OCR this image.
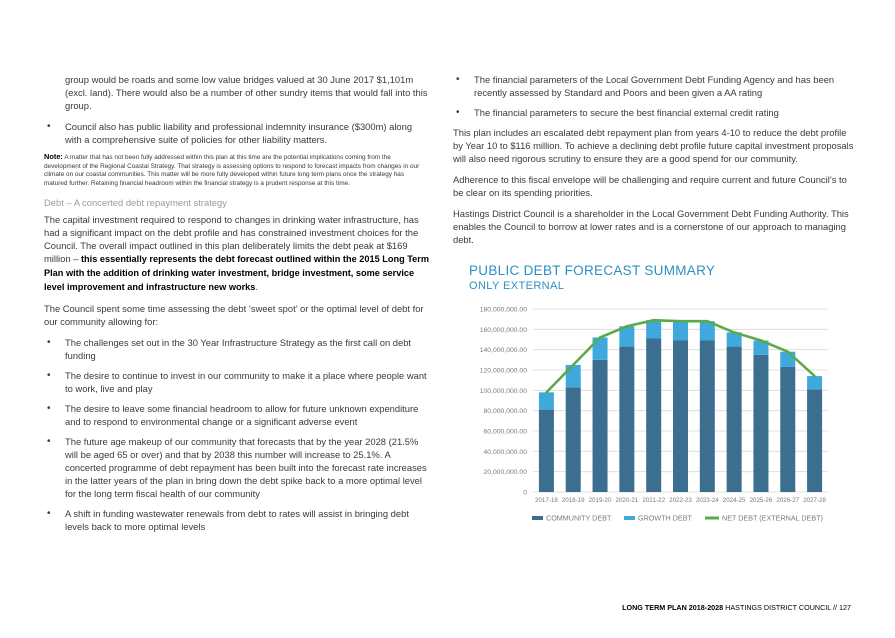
group would be roads and some low value bridges valued at 30 June 2017 $1,101m (excl. land). There would also be a number of other sundry items that would fall into this group.

• Council also has public liability and professional indemnity insurance ($300m) along with a comprehensive suite of policies for other liability matters.
Note: A matter that has not been fully addressed within this plan at this time are the potential implications coming from the development of the Regional Coastal Strategy. That strategy is assessing options to respond to forecast impacts from changes in our climate on our coastal communities. This matter will be more fully developed within future long term plans once the strategy has matured further. Retaining financial headroom within the financial strategy is a prudent response at this time.
Debt – A concerted debt repayment strategy

The capital investment required to respond to changes in drinking water infrastructure, has had a significant impact on the debt profile and has constrained investment choices for the Council. The overall impact outlined in this plan deliberately limits the debt peak at $169 million – this essentially represents the debt forecast outlined within the 2015 Long Term Plan with the addition of drinking water investment, bridge investment, some service level improvement and infrastructure new works.

The Council spent some time assessing the debt ‘sweet spot’ or the optimal level of debt for our community allowing for:

• The challenges set out in the 30 Year Infrastructure Strategy as the first call on debt funding
• The desire to continue to invest in our community to make it a place where people want to work, live and play
• The desire to leave some financial headroom to allow for future unknown expenditure and to respond to environmental change or a significant adverse event
• The future age makeup of our community that forecasts that by the year 2028 (21.5% will be aged 65 or over) and that by 2038 this number will increase to 25.1%. A concerted programme of debt repayment has been built into the forecast rate increases in the latter years of the plan in bring down the debt spike back to a more optimal level for the long term fiscal health of our community
• A shift in funding wastewater renewals from debt to rates will assist in bringing debt levels back to more optimal levels
• The financial parameters of the Local Government Debt Funding Agency and has been recently assessed by Standard and Poors and been given a AA rating
• The financial parameters to secure the best financial external credit rating

This plan includes an escalated debt repayment plan from years 4-10 to reduce the debt profile by Year 10 to $116 million. To achieve a declining debt profile future capital investment proposals will also need rigorous scrutiny to ensure they are a good spend for our community.

Adherence to this fiscal envelope will be challenging and require current and future Council’s to be clear on its spending priorities.

Hastings District Council is a shareholder in the Local Government Debt Funding Authority. This enables the Council to borrow at lower rates and is a cornerstone of our approach to managing debt.

PUBLIC DEBT FORECAST SUMMARY
ONLY EXTERNAL
0
20,000,000.00
40,000,000.00
60,000,000.00
80,000,000.00
100,000,000.00
120,000,000.00
140,000,000.00
160,000,000.00
180,000,000.00
2017-18 2018-19 2019-20 2020-21 2021-22 2022-23 2023-24 2024-25 2025-26 2026-27 2027-28
COMMUNITY DEBT	GROWTH DEBT	NET DEBT (EXTERNAL DEBT)
LONG TERM PLAN 2018-2028 HASTINGS DISTRICT COUNCIL // 127
